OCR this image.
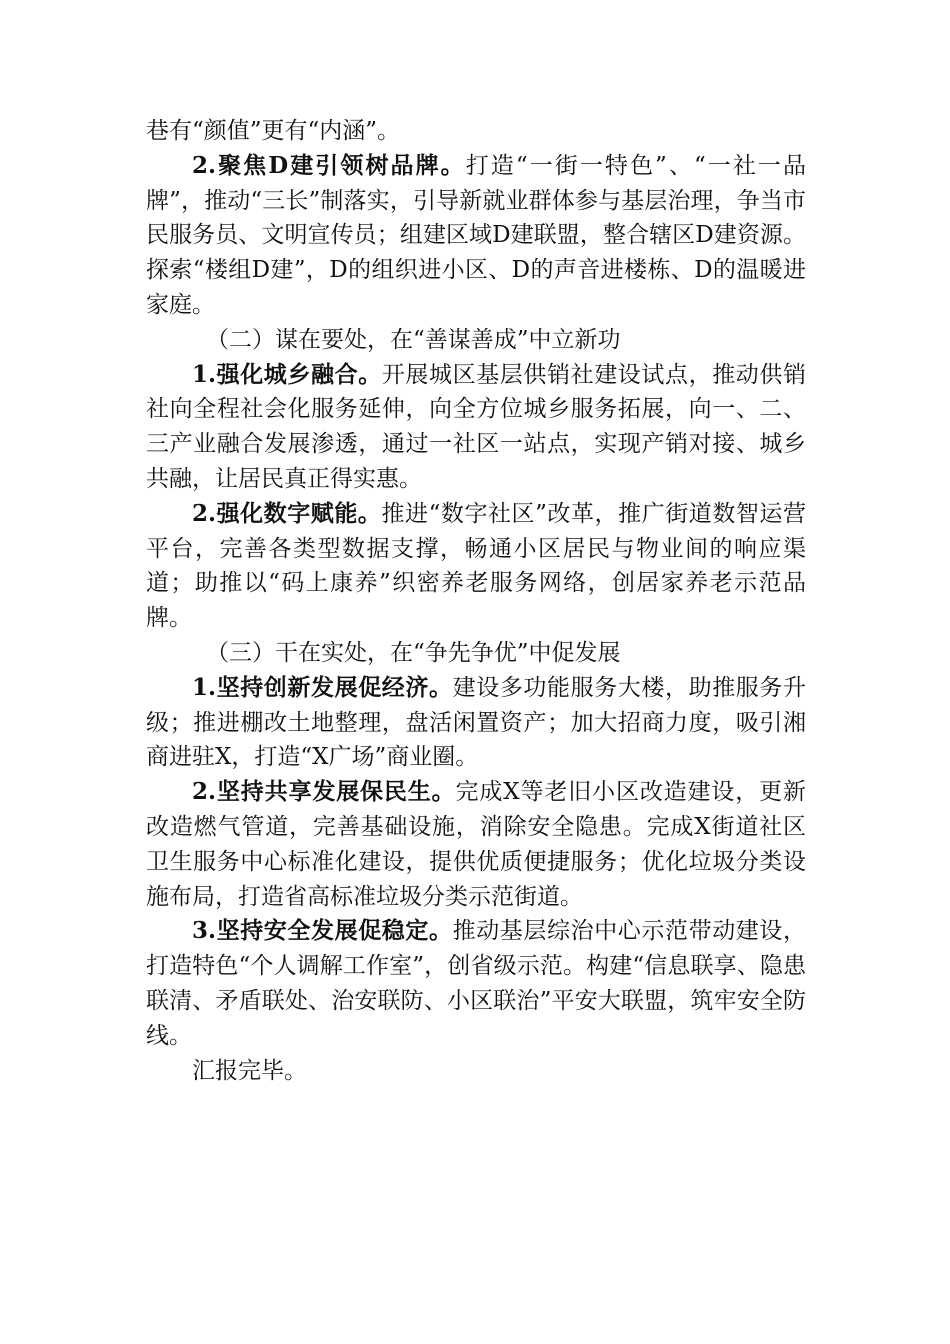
巷有“颜值”更有“内涵”。

2.聚焦D建引领树品牌。打造“一街一特色”、“一社一品牌”，推动“三长”制落实，引导新就业群体参与基层治理，争当市民服务员、文明宣传员；组建区域D建联盟，整合辖区D建资源。探索“楼组D建”，D的组织进小区、D的声音进楼栋、D的温暖进家庭。

（二）谋在要处，在“善谋善成”中立新功

1.强化城乡融合。开展城区基层供销社建设试点，推动供销社向全程社会化服务延伸，向全方位城乡服务拓展，向一、二、三产业融合发展渗透，通过一社区一站点，实现产销对接、城乡共融，让居民真正得实惠。

2.强化数字赋能。推进“数字社区”改革，推广街道数智运营平台，完善各类型数据支撑，畅通小区居民与物业间的响应渠道；助推以“码上康养”织密养老服务网络，创居家养老示范品牌。

（三）干在实处，在“争先争优”中促发展

1.坚持创新发展促经济。建设多功能服务大楼，助推服务升级；推进棚改土地整理，盘活闲置资产；加大招商力度，吸引湘商进驻X，打造“X广场”商业圈。

2.坚持共享发展保民生。完成X等老旧小区改造建设，更新改造燃气管道，完善基础设施，消除安全隐患。完成X街道社区卫生服务中心标准化建设，提供优质便捷服务；优化垃圾分类设施布局，打造省高标准垃圾分类示范街道。

3.坚持安全发展促稳定。推动基层综治中心示范带动建设，打造特色“个人调解工作室”，创省级示范。构建“信息联享、隐患联清、矛盾联处、治安联防、小区联治”平安大联盟，筑牢安全防线。

汇报完毕。
